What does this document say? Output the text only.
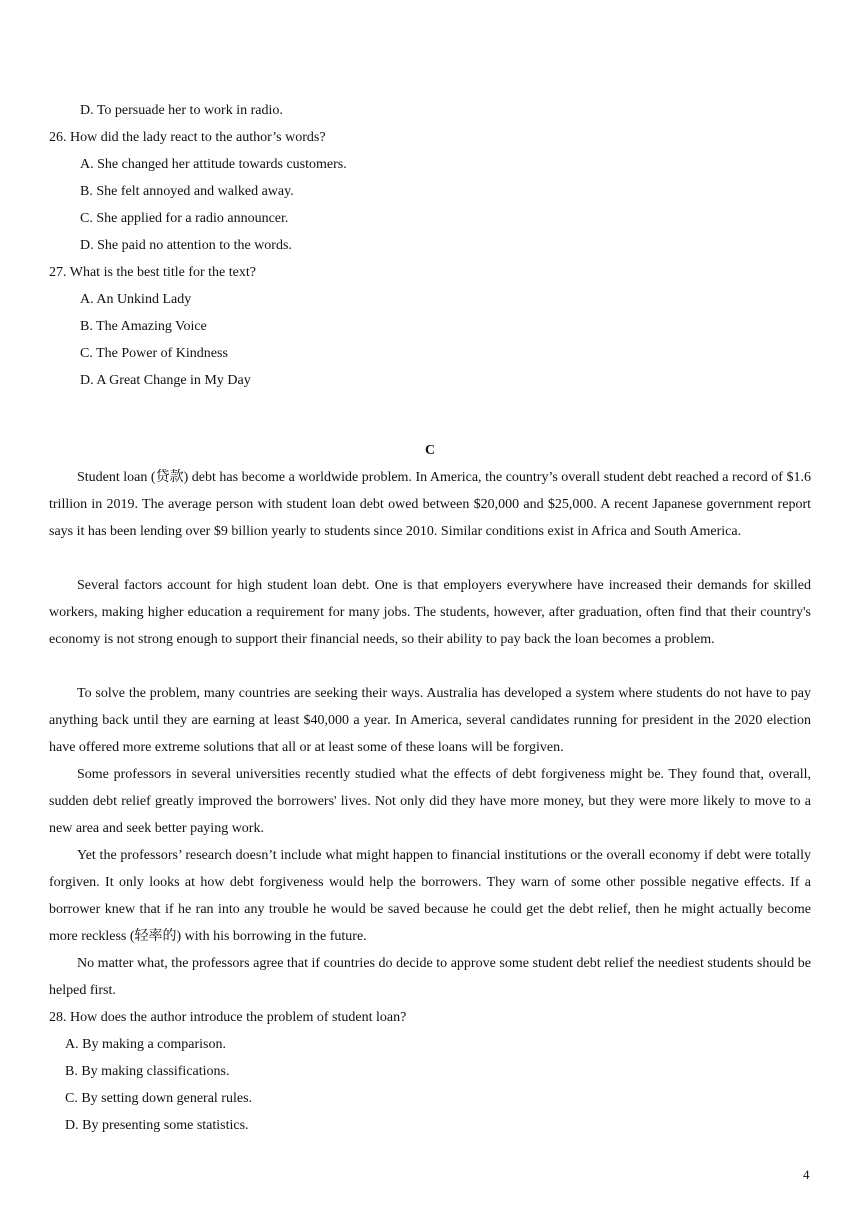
D. To persuade her to work in radio.
26. How did the lady react to the author’s words?
A. She changed her attitude towards customers.
B. She felt annoyed and walked away.
C. She applied for a radio announcer.
D. She paid no attention to the words.
27. What is the best title for the text?
A. An Unkind Lady
B. The Amazing Voice
C. The Power of Kindness
D. A Great Change in My Day
C

Student loan (贷款) debt has become a worldwide problem. In America, the country’s overall student debt reached a record of $1.6 trillion in 2019. The average person with student loan debt owed between $20,000 and $25,000. A recent Japanese government report says it has been lending over $9 billion yearly to students since 2010. Similar conditions exist in Africa and South America.

Several factors account for high student loan debt. One is that employers everywhere have increased their demands for skilled workers, making higher education a requirement for many jobs. The students, however, after graduation, often find that their country's economy is not strong enough to support their financial needs, so their ability to pay back the loan becomes a problem.

To solve the problem, many countries are seeking their ways. Australia has developed a system where students do not have to pay anything back until they are earning at least $40,000 a year. In America, several candidates running for president in the 2020 election have offered more extreme solutions that all or at least some of these loans will be forgiven.

Some professors in several universities recently studied what the effects of debt forgiveness might be. They found that, overall, sudden debt relief greatly improved the borrowers' lives. Not only did they have more money, but they were more likely to move to a new area and seek better paying work.

Yet the professors’ research doesn’t include what might happen to financial institutions or the overall economy if debt were totally forgiven. It only looks at how debt forgiveness would help the borrowers. They warn of some other possible negative effects. If a borrower knew that if he ran into any trouble he would be saved because he could get the debt relief, then he might actually become more reckless (轻率的) with his borrowing in the future.

No matter what, the professors agree that if countries do decide to approve some student debt relief the neediest students should be helped first.

28. How does the author introduce the problem of student loan?
A. By making a comparison.
B. By making classifications.
C. By setting down general rules.
D. By presenting some statistics.
4
